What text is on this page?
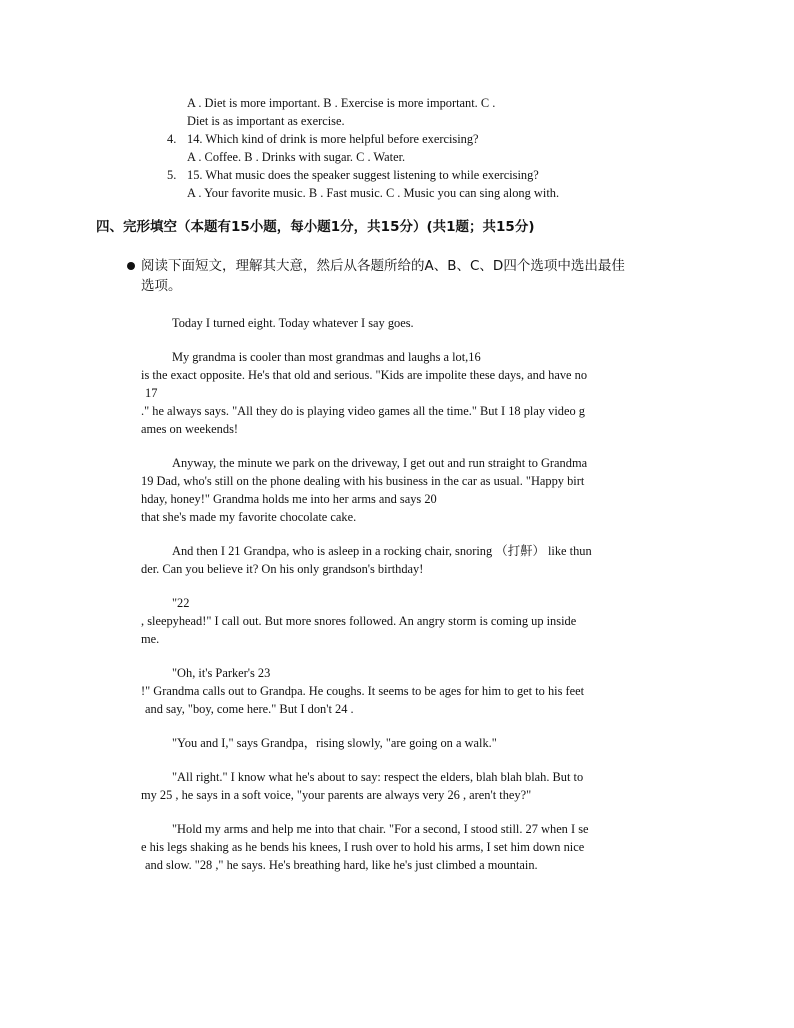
A . Diet is more important. B . Exercise is more important. C .
Diet is as important as exercise.
4. 14. Which kind of drink is more helpful before exercising?
A . Coffee. B . Drinks with sugar. C . Water.
5. 15. What music does the speaker suggest listening to while exercising?
A . Your favorite music. B . Fast music. C . Music you can sing along with.
四、完形填空（本题有15小题，每小题1分，共15分）(共1题；共15分)
阅读下面短文，理解其大意，然后从各题所给的A、B、C、D四个选项中选出最佳
选项。
Today I turned eight. Today whatever I say goes.
My grandma is cooler than most grandmas and laughs a lot,16
is the exact opposite. He's that old and serious. "Kids are impolite these days, and have no
17
." he always says. "All they do is playing video games all the time." But I 18 play video g
ames on weekends!
Anyway, the minute we park on the driveway, I get out and run straight to Grandma
19 Dad, who's still on the phone dealing with his business in the car as usual. "Happy birt
hday, honey!" Grandma holds me into her arms and says 20
that she's made my favorite chocolate cake.
And then I 21 Grandpa, who is asleep in a rocking chair, snoring （打鼾） like thun
der. Can you believe it? On his only grandson's birthday!
"22
, sleepyhead!" I call out. But more snores followed. An angry storm is coming up inside
me.
"Oh, it's Parker's 23
!" Grandma calls out to Grandpa. He coughs. It seems to be ages for him to get to his feet
and say, "boy, come here." But I don't 24 .
"You and I," says Grandpa，rising slowly, "are going on a walk."
"All right." I know what he's about to say: respect the elders, blah blah blah. But to
my 25 , he says in a soft voice, "your parents are always very 26 , aren't they?"
"Hold my arms and help me into that chair. "For a second, I stood still. 27 when I se
e his legs shaking as he bends his knees, I rush over to hold his arms, I set him down nice
and slow. "28 ," he says. He's breathing hard, like he's just climbed a mountain.
